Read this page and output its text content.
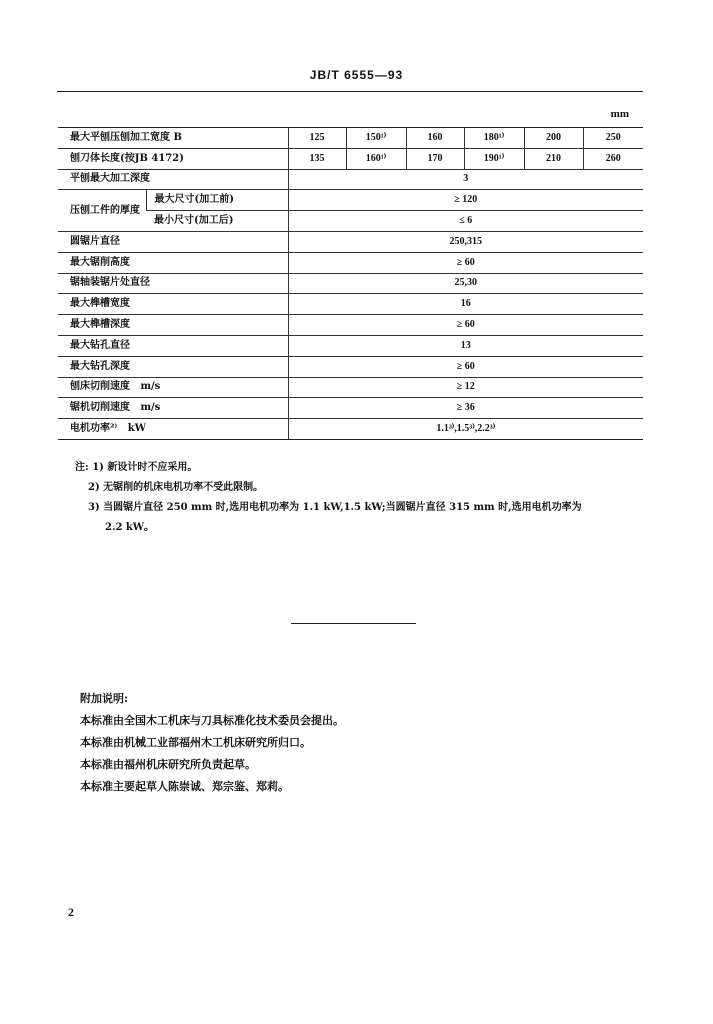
JB/T 6555—93
mm
最大平刨压刨加工宽度 B		125	150¹⁾	160	180¹⁾	200	250
刨刀体长度(按JB 4172)		135	160¹⁾	170	190¹⁾	210	260
平刨最大加工深度		3					
压刨工件的厚度	最大尺寸(加工前)	≥ 120					
	最小尺寸(加工后)	≤ 6					
圆锯片直径		250,315					
最大锯削高度		≥ 60					
锯轴装锯片处直径		25,30					
最大榫槽宽度		16					
最大榫槽深度		≥ 60					
最大钻孔直径		13					
最大钻孔深度		≥ 60					
刨床切削速度   m/s		≥ 12					
锯机切削速度   m/s		≥ 36					
电机功率²⁾   kW		1.1³⁾,1.5³⁾,2.2³⁾					
注: 1) 新设计时不应采用。
2) 无锯削的机床电机功率不受此限制。
3) 当圆锯片直径 250 mm 时,选用电机功率为 1.1 kW,1.5 kW;当圆锯片直径 315 mm 时,选用电机功率为
2.2 kW。
附加说明:
本标准由全国木工机床与刀具标准化技术委员会提出。
本标准由机械工业部福州木工机床研究所归口。
本标准由福州机床研究所负责起草。
本标准主要起草人陈崇诚、郑宗鉴、郑莉。
2
